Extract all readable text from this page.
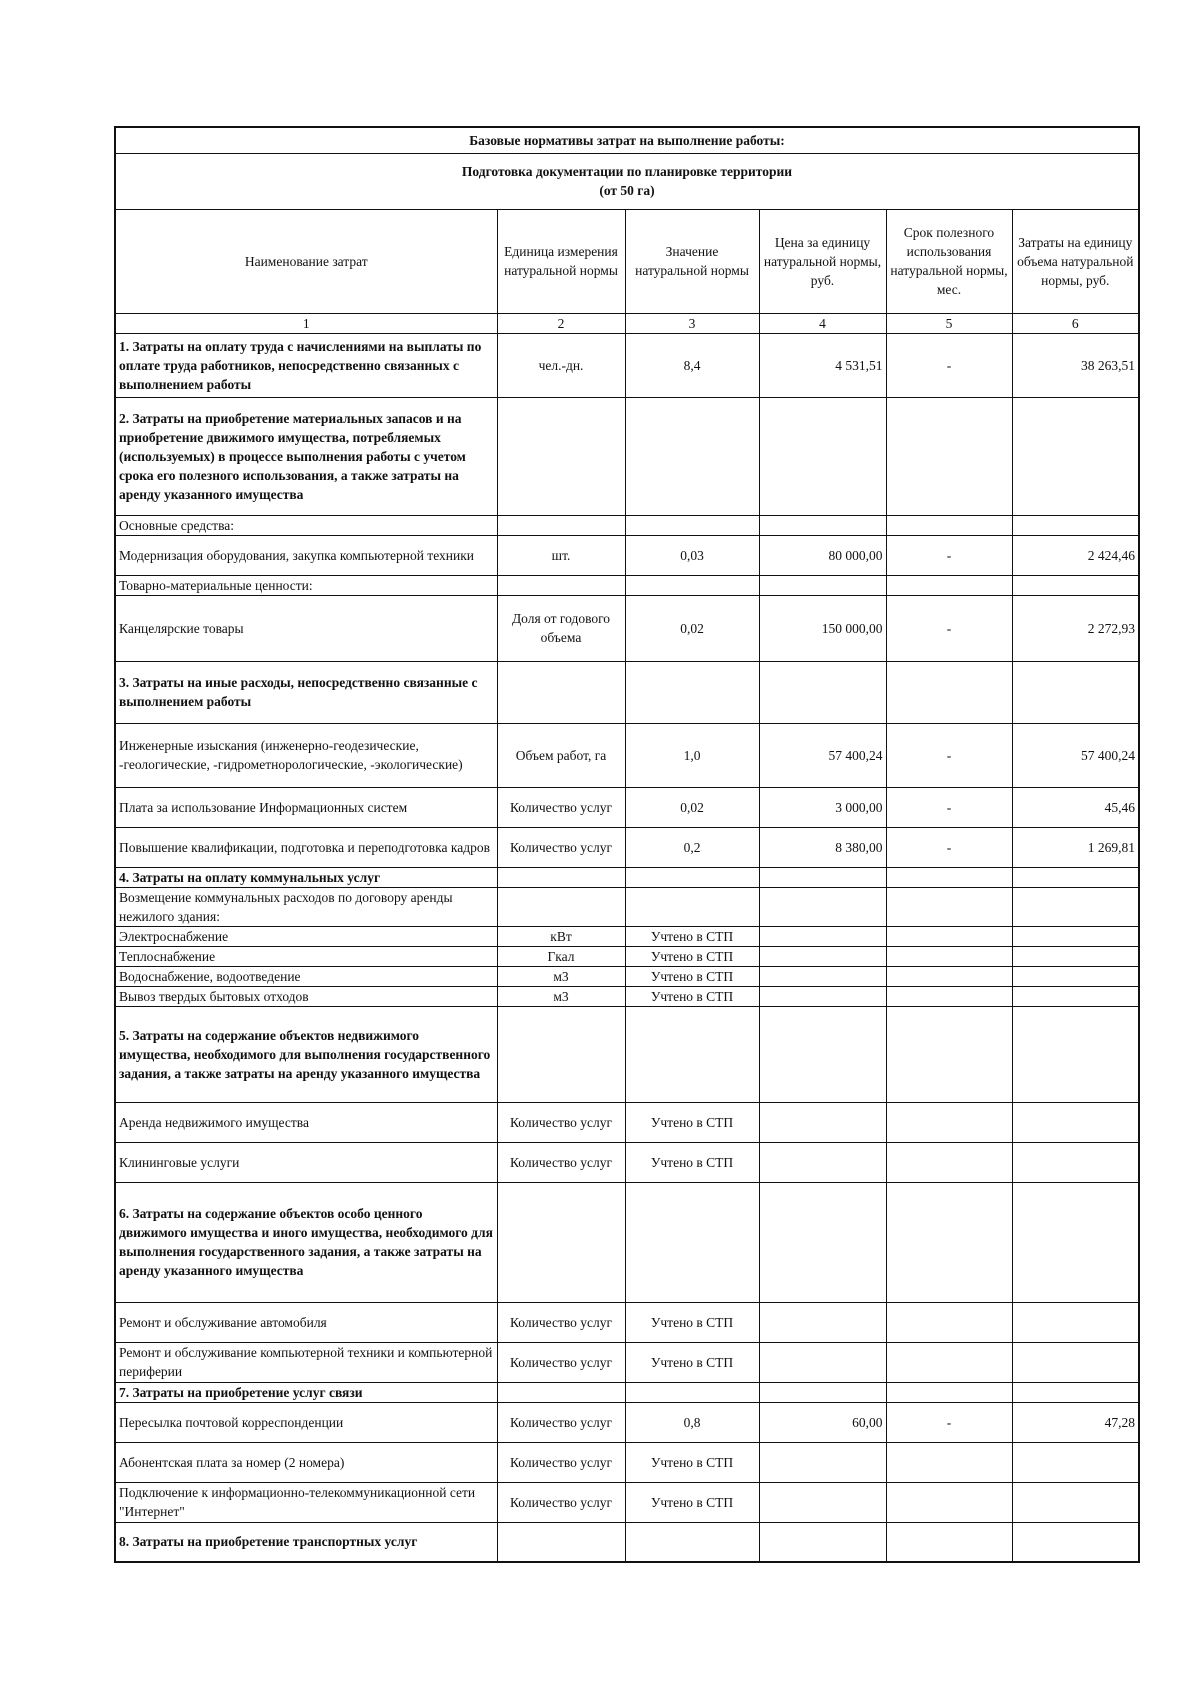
Базовые нормативы затрат на выполнение работы:					

Подготовка документации по планировке территории
(от 50 га)					

Наименование затрат	Единица измерения натуральной нормы	Значение натуральной нормы	Цена за единицу натуральной нормы, руб.	Срок полезного использования натуральной нормы, мес.	Затраты на единицу объема натуральной нормы, руб.
1	2	3	4	5	6
1. Затраты на оплату труда с начислениями на выплаты по оплате труда работников, непосредственно связанных с выполнением работы	чел.-дн.	8,4	4 531,51	-	38 263,51
2. Затраты на приобретение материальных запасов и на приобретение движимого имущества, потребляемых (используемых) в процессе выполнения работы с учетом срока его полезного использования, а также затраты на аренду указанного имущества					
Основные средства:					
Модернизация оборудования, закупка компьютерной техники	шт.	0,03	80 000,00	-	2 424,46
Товарно-материальные ценности:					
Канцелярские товары	Доля от годового объема	0,02	150 000,00	-	2 272,93
3. Затраты на иные расходы, непосредственно связанные с выполнением работы					
Инженерные изыскания (инженерно-геодезические, -геологические, -гидрометнорологические, -экологические)	Объем работ, га	1,0	57 400,24	-	57 400,24
Плата за использование Информационных систем	Количество услуг	0,02	3 000,00	-	45,46
Повышение квалификации, подготовка и переподготовка кадров	Количество услуг	0,2	8 380,00	-	1 269,81
4. Затраты на оплату коммунальных услуг					
Возмещение коммунальных расходов по договору аренды нежилого здания:					
Электроснабжение	кВт	Учтено в СТП			
Теплоснабжение	Гкал	Учтено в СТП			
Водоснабжение, водоотведение	м3	Учтено в СТП			
Вывоз твердых бытовых отходов	м3	Учтено в СТП			
5. Затраты на содержание объектов недвижимого имущества, необходимого для выполнения государственного задания, а также затраты на аренду указанного имущества					
Аренда недвижимого имущества	Количество услуг	Учтено в СТП			
Клининговые услуги	Количество услуг	Учтено в СТП			
6. Затраты на содержание объектов особо ценного движимого имущества и иного имущества, необходимого для выполнения государственного задания, а также затраты на аренду указанного имущества					
Ремонт и обслуживание автомобиля	Количество услуг	Учтено в СТП			
Ремонт и обслуживание компьютерной техники и компьютерной периферии	Количество услуг	Учтено в СТП			
7. Затраты на приобретение услуг связи					
Пересылка почтовой корреспонденции	Количество услуг	0,8	60,00	-	47,28
Абонентская плата за номер (2 номера)	Количество услуг	Учтено в СТП			
Подключение к информационно-телекоммуникационной сети "Интернет"	Количество услуг	Учтено в СТП			
8. Затраты на приобретение транспортных услуг					
